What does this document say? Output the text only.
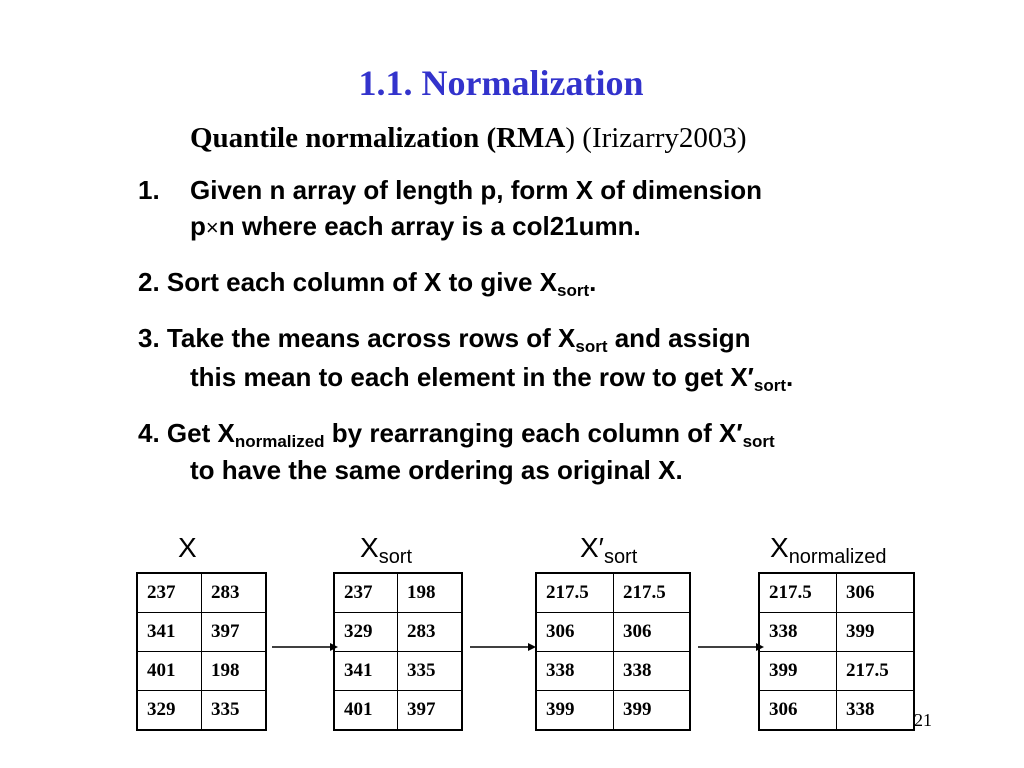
1.1. Normalization
Quantile normalization (RMA) (Irizarry2003)
1. Given n array of length p, form X of dimension
p×n where each array is a col21umn.
2. Sort each column of X to give $X_{sort}$.
3. Take the means across rows of $X_{sort}$ and assign
this mean to each element in the row to get $X'_{sort}$.
4. Get $X_{normalized}$ by rearranging each column of $X'_{sort}$
to have the same ordering as original X.
X	$X_{sort}$	$X'_{sort}$	$X_{normalized}$
237	283
341	397
401	198
329	335
237	198
329	283
341	335
401	397
217.5	217.5
306	306
338	338
399	399
217.5	306
338	399
399	217.5
306	338 21
